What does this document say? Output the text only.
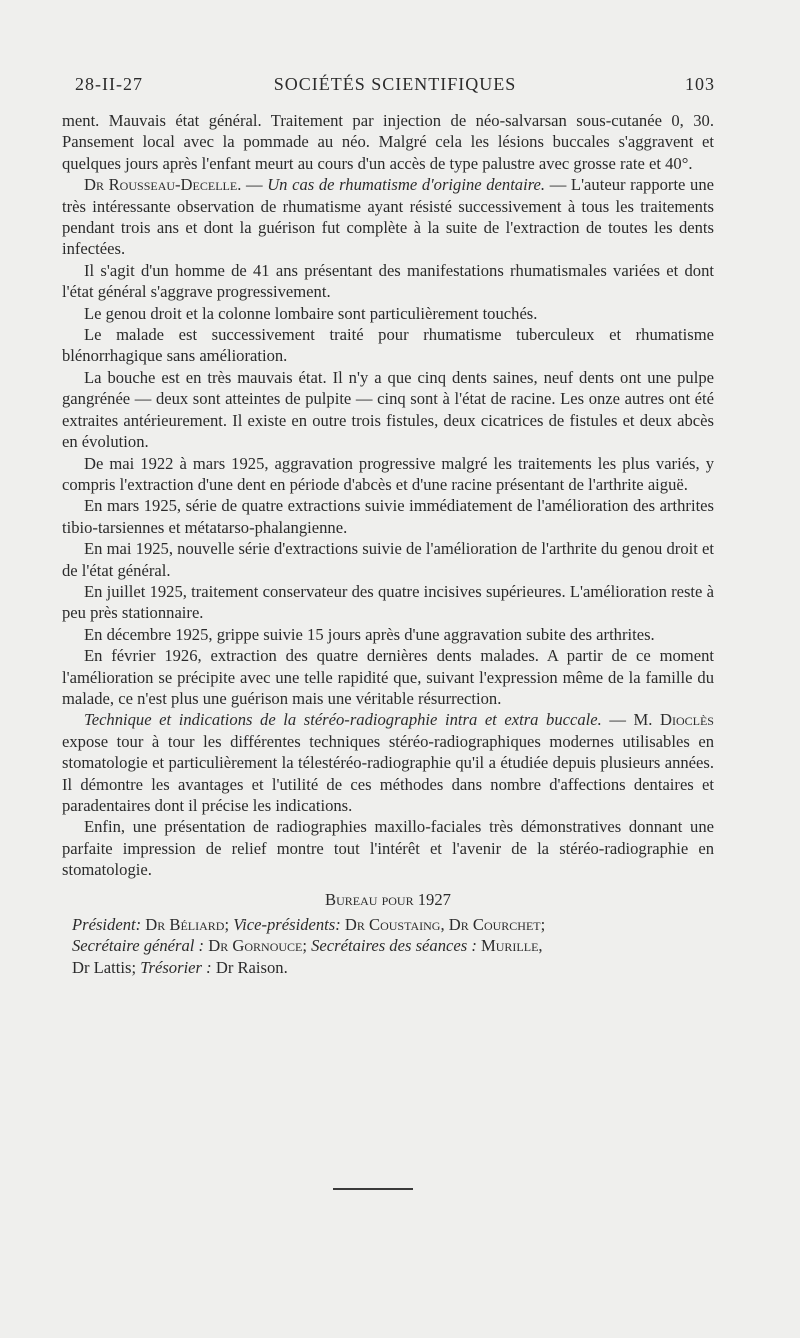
28-II-27	SOCIÉTÉS SCIENTIFIQUES	103

ment. Mauvais état général. Traitement par injection de néo-salvarsan sous-cutanée 0, 30. Pansement local avec la pommade au néo. Malgré cela les lésions buccales s'aggravent et quelques jours après l'enfant meurt au cours d'un accès de type palustre avec grosse rate et 40°.

Dr Rousseau-Decelle. — Un cas de rhumatisme d'origine dentaire. — L'auteur rapporte une très intéressante observation de rhumatisme ayant résisté successivement à tous les traitements pendant trois ans et dont la guérison fut complète à la suite de l'extraction de toutes les dents infectées.

Il s'agit d'un homme de 41 ans présentant des manifestations rhumatismales variées et dont l'état général s'aggrave progressivement.

Le genou droit et la colonne lombaire sont particulièrement touchés.

Le malade est successivement traité pour rhumatisme tuberculeux et rhumatisme blénorrhagique sans amélioration.

La bouche est en très mauvais état. Il n'y a que cinq dents saines, neuf dents ont une pulpe gangrénée — deux sont atteintes de pulpite — cinq sont à l'état de racine. Les onze autres ont été extraites antérieurement. Il existe en outre trois fistules, deux cicatrices de fistules et deux abcès en évolution.

De mai 1922 à mars 1925, aggravation progressive malgré les traitements les plus variés, y compris l'extraction d'une dent en période d'abcès et d'une racine présentant de l'arthrite aiguë.

En mars 1925, série de quatre extractions suivie immédiatement de l'amélioration des arthrites tibio-tarsiennes et métatarso-phalangienne.

En mai 1925, nouvelle série d'extractions suivie de l'amélioration de l'arthrite du genou droit et de l'état général.

En juillet 1925, traitement conservateur des quatre incisives supérieures. L'amélioration reste à peu près stationnaire.

En décembre 1925, grippe suivie 15 jours après d'une aggravation subite des arthrites.

En février 1926, extraction des quatre dernières dents malades. A partir de ce moment l'amélioration se précipite avec une telle rapidité que, suivant l'expression même de la famille du malade, ce n'est plus une guérison mais une véritable résurrection.

Technique et indications de la stéréo-radiographie intra et extra buccale. — M. Dioclès expose tour à tour les différentes techniques stéréo-radiographiques modernes utilisables en stomatologie et particulièrement la télestéréo-radiographie qu'il a étudiée depuis plusieurs années. Il démontre les avantages et l'utilité de ces méthodes dans nombre d'affections dentaires et paradentaires dont il précise les indications.

Enfin, une présentation de radiographies maxillo-faciales très démonstratives donnant une parfaite impression de relief montre tout l'intérêt et l'avenir de la stéréo-radiographie en stomatologie.

Bureau pour 1927

Président: Dr Béliard; Vice-présidents: Dr Coustaing, Dr Courchet;

Secrétaire général : Dr Gornouce; Secrétaires des séances : Murille,

Dr Lattis; Trésorier : Dr Raison.
